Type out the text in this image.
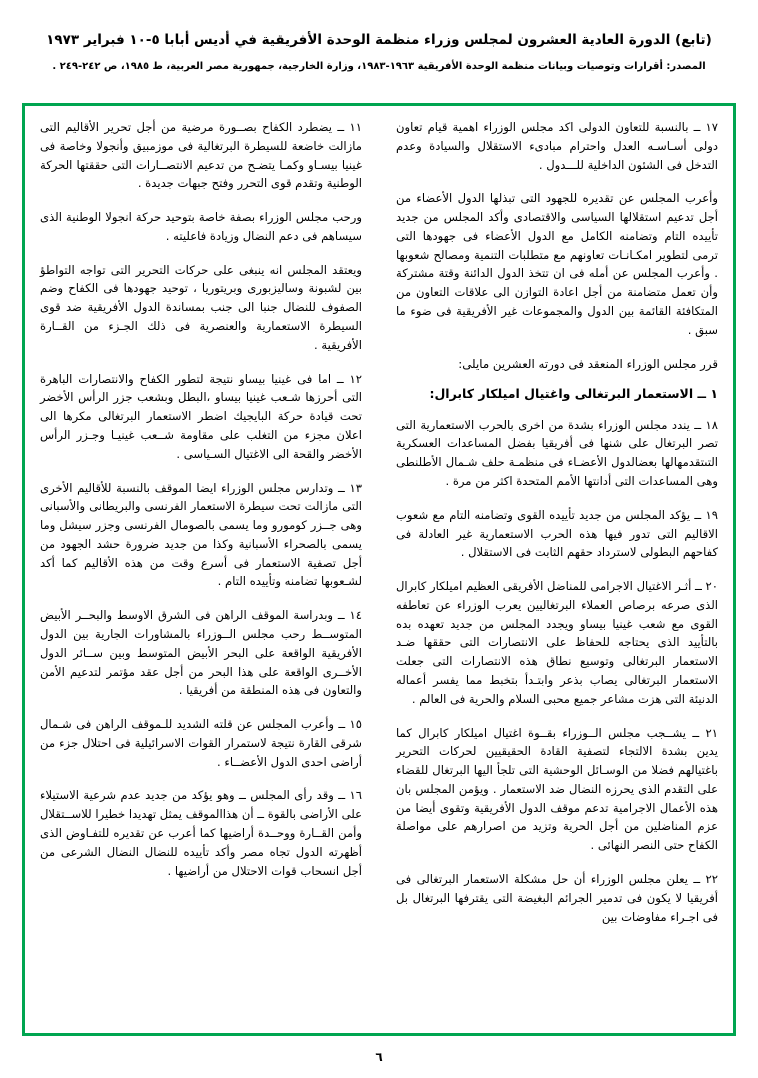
(تابع) الدورة العادية العشرون لمجلس وزراء منظمة الوحدة الأفريقية في أديس أبابا ٥-١٠ فبراير ١٩٧٣

المصدر: أقرارات وتوصيات وبيانات منظمة الوحدة الأفريقية ١٩٦٣-١٩٨٣، وزارة الخارجية، جمهورية مصر العربية، ط ١٩٨٥، ص ٢٤٢-٢٤٩ .

١٧ ــ بالنسبة للتعاون الدولى اكد مجلس الوزراء اهمية قيام تعاون دولى أسـاسـه العدل واحترام مبادىء الاستقلال والسيادة وعدم التدخل فى الشئون الداخلية للـــدول .

وأعرب المجلس عن تقديره للجهود التى تبذلها الدول الأعضاء من أجل تدعيم استقلالها السياسى والاقتصادى وأكد المجلس من جديد تأييده التام وتضامنه الكامل مع الدول الأعضاء فى جهودها التى ترمى لتطوير امكـانـات تعاونهم مع متطلبات التنمية ومصالح شعوبها . وأعرب المجلس عن أمله فى ان تتخذ الدول الدائنة وقتة مشتركة وأن تعمل متضامنة من أجل اعادة التوازن الى علاقات التعاون من المتكافئة القائمة بين الدول والمجموعات غير الأفريقية فى ضوء ما سبق .

قرر مجلس الوزراء المنعقد فى دورته العشرين مايلى:

١ ــ الاستعمار البرتغالى واغتيال اميلكار كابرال:

١٨ ــ يندد مجلس الوزراء بشدة من اخرى بالحرب الاستعمارية التى تصر البرتغال على شنها فى أفريقيا بفضل المساعدات العسكرية التىتقدمهالها بعضالدول الأعضـاء فى منظمـة حلف شـمال الأطلنطى وهى المساعدات التى أدانتها الأمم المتحدة اكثر من مرة .

١٩ ــ يؤكد المجلس من جديد تأييده القوى وتضامنه التام مع شعوب الاقاليم التى تدور فيها هذه الحرب الاستعمارية غير العادلة فى كفاحهم البطولى لاسترداد حقهم الثابت فى الاستقلال .

٢٠ ــ أثـر الاغتيال الاجرامى للمناضل الأفريقى العظيم اميلكار كابرال الذى صرعه برصاص العملاء البرتغاليين يعرب الوزراء عن تعاطفه القوى مع شعب غينيا بيساو ويجدد المجلس من جديد تعهده بده بالتأييد الذى يحتاجه للحفاظ على الانتصارات التى حققها ضـد الاستعمار البرتغالى وتوسيع نطاق هذه الانتصارات التى جعلت الاستعمار البرتغالى يصاب بذعر وابتـدأ بتخبط مما يفسر أعماله الدنيئة التى هزت مشاعر جميع محبى السلام والحرية فى العالم .

٢١ ــ يشــجب مجلس الــوزراء بقــوة اغتيال اميلكار كابرال كما يدين بشدة الالتجاء لتصفية القادة الحقيقيين لحركات التحرير باغتيالهم فضلا من الوسـائل الوحشية التى تلجأ اليها البرتغال للقضاء على التقدم الذى يحرزه النضال ضد الاستعمار . ويؤمن المجلس بان هذه الأعمال الاجرامية تدعم موقف الدول الأفريقية وتقوى أيضا من عزم المناضلين من أجل الحرية وتزيد من اصرارهم على مواصلة الكفاح حتى النصر النهائى .

٢٢ ــ يعلن مجلس الوزراء أن حل مشكلة الاستعمار البرتغالى فى أفريقيا لا يكون فى تدمير الجرائم البغيضة التى يقترفها البرتغال بل فى اجـراء مفاوضات بين

١١ ــ يضطرد الكفاح بصــورة مرضية من أجل تحرير الأقاليم التى مازالت خاضعة للسيطرة البرتغالية فى موزمبيق وأنجولا وخاصة فى غينيا بيسـاو وكمـا يتضـح من تدعيم الانتصــارات التى حققتها الحركة الوطنية وتقدم قوى التحرر وفتح جبهات جديدة .

ورحب مجلس الوزراء بصفة خاصة بتوحيد حركة انجولا الوطنية الذى سيساهم فى دعم النضال وزيادة فاعليته .

ويعتقد المجلس انه ينبغى على حركات التحرير التى تواجه التواطؤ بين لشبونة وساليزبورى وبريتوريا ، توحيد جهودها فى الكفاح وضم الصفوف للنضال جنبا الى جنب بمساندة الدول الأفريقية ضد قوى السيطرة الاستعمارية والعنصرية فى ذلك الجـزء من القــارة الأفريقية .

١٢ ــ اما فى غينيا بيساو نتيجة لتطور الكفاح والانتصارات الباهرة التى أحرزها شـعب غينيا بيساو ،البطل وبشعب جزر الرأس الأخضر تحت قيادة حركة البايجيك اضطر الاستعمار البرتغالى مكرها الى اعلان مجزء من التغلب على مقاومة شــعب غينيـا وجـزر الرأس الأخضر والقحة الى الاغتيال السـياسى .

١٣ ــ وتدارس مجلس الوزراء ايضا الموقف بالنسبة للأقاليم الأخرى التى مازالت تحت سيطرة الاستعمار الفرنسى والبريطانى والأسبانى وهى جــزر كومورو وما يسمى بالصومال الفرنسى وجزر سيشل وما يسمى بالصحراء الأسبانية وكذا من جديد ضرورة حشد الجهود من أجل تصفية الاستعمار فى أسرع وقت من هذه الأقاليم كما أكد لشـعوبها تضامنه وتأييده التام .

١٤ ــ وبدراسة الموقف الراهن فى الشرق الاوسط والبحــر الأبيض المتوســط رحب مجلس الــوزراء بالمشاورات الجارية بين الدول الأفريقية الواقعة على البحر الأبيض المتوسط وبين ســائر الدول الأخــرى الواقعة على هذا البحر من أجل عقد مؤتمر لتدعيم الأمن والتعاون فى هذه المنطقة من أفريقيا .

١٥ ــ وأعرب المجلس عن قلته الشديد للـموقف الراهن فى شـمال شرقى القارة نتيجة لاستمرار القوات الاسرائيلية فى احتلال جزء من أراضى احدى الدول الأعضــاء .

١٦ ــ وقد رأى المجلس ــ وهو يؤكد من جديد عدم شرعية الاستيلاء على الأراضى بالقوة ــ أن هذاالموقف يمثل تهديدا خطيرا للاســتقلال وأمن القــارة ووحــدة أراضيها كما أعرب عن تقديره للتفـاوض الذى أظهرته الدول تجاه مصر وأكد تأييده للنضال النضال الشرعى من أجل انسحاب قوات الاحتلال من أراضيها .

٦
